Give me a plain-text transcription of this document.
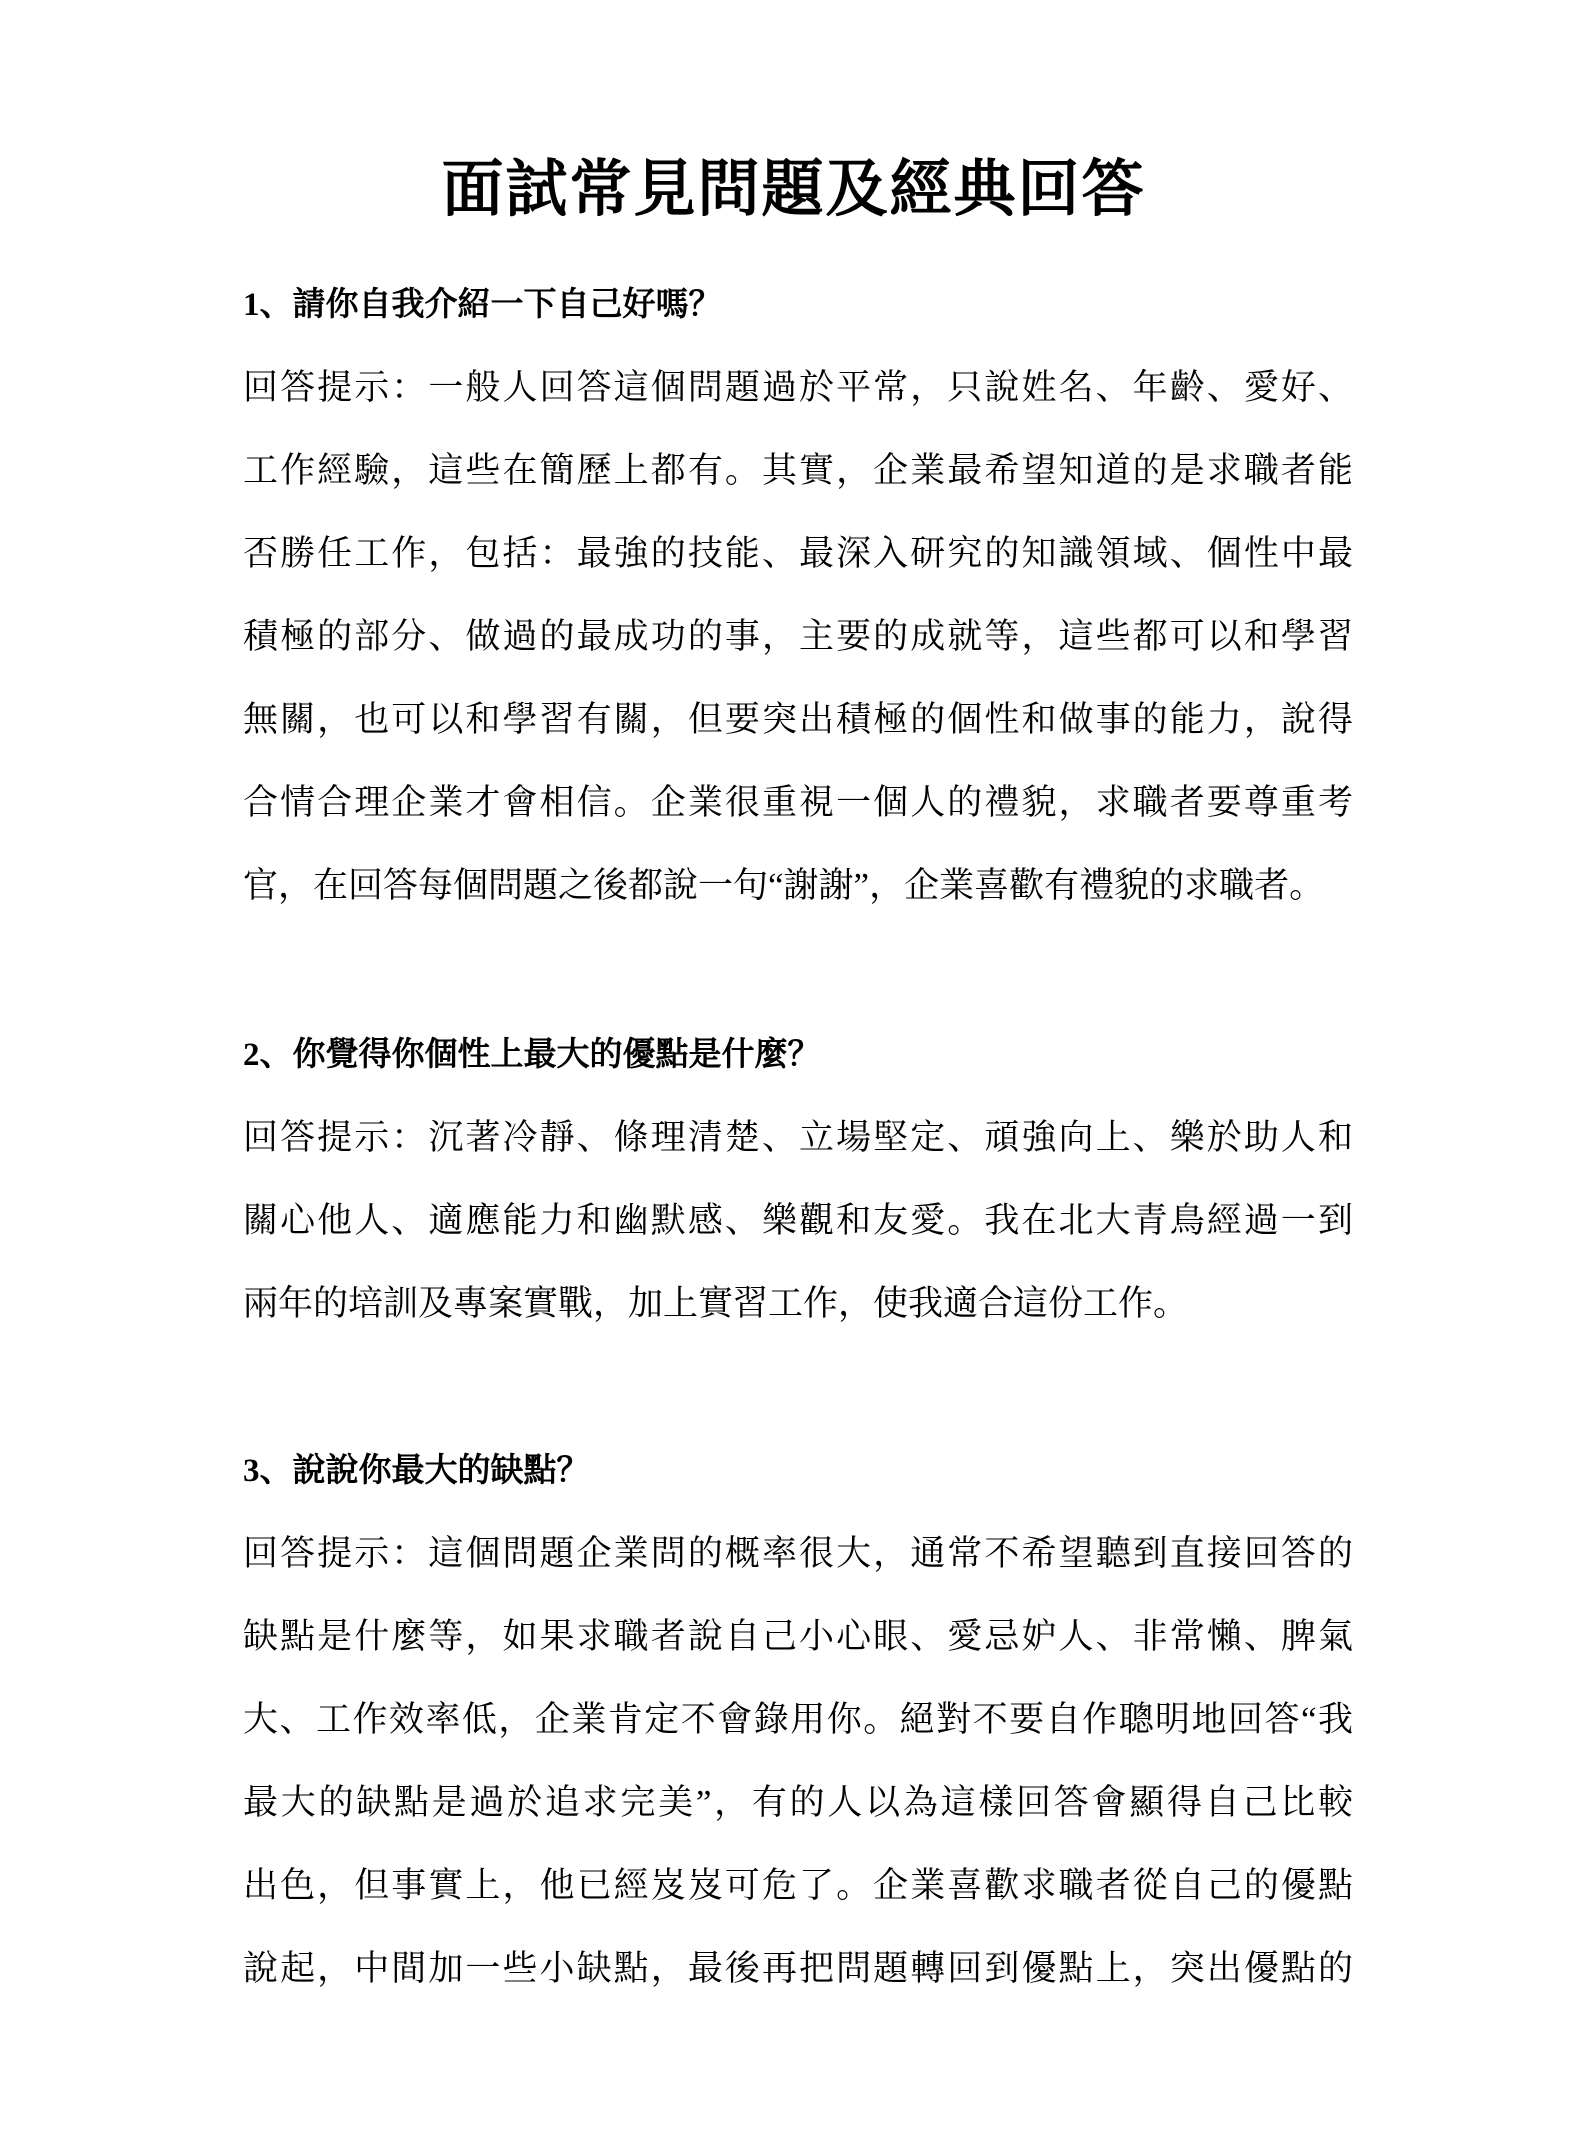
面試常見問題及經典回答

1、請你自我介紹一下自己好嗎？

回答提示：一般人回答這個問題過於平常，只說姓名、年齡、愛好、

工作經驗，這些在簡歷上都有。其實，企業最希望知道的是求職者能

否勝任工作，包括：最強的技能、最深入研究的知識領域、個性中最

積極的部分、做過的最成功的事，主要的成就等，這些都可以和學習

無關，也可以和學習有關，但要突出積極的個性和做事的能力，說得

合情合理企業才會相信。企業很重視一個人的禮貌，求職者要尊重考

官，在回答每個問題之後都說一句“謝謝”，企業喜歡有禮貌的求職者。

2、你覺得你個性上最大的優點是什麼？

回答提示：沉著冷靜、條理清楚、立場堅定、頑強向上、樂於助人和

關心他人、適應能力和幽默感、樂觀和友愛。我在北大青鳥經過一到

兩年的培訓及專案實戰，加上實習工作，使我適合這份工作。

3、說說你最大的缺點？

回答提示：這個問題企業問的概率很大，通常不希望聽到直接回答的

缺點是什麼等，如果求職者說自己小心眼、愛忌妒人、非常懶、脾氣

大、工作效率低，企業肯定不會錄用你。絕對不要自作聰明地回答“我

最大的缺點是過於追求完美”，有的人以為這樣回答會顯得自己比較

出色，但事實上，他已經岌岌可危了。企業喜歡求職者從自己的優點

說起，中間加一些小缺點，最後再把問題轉回到優點上，突出優點的
